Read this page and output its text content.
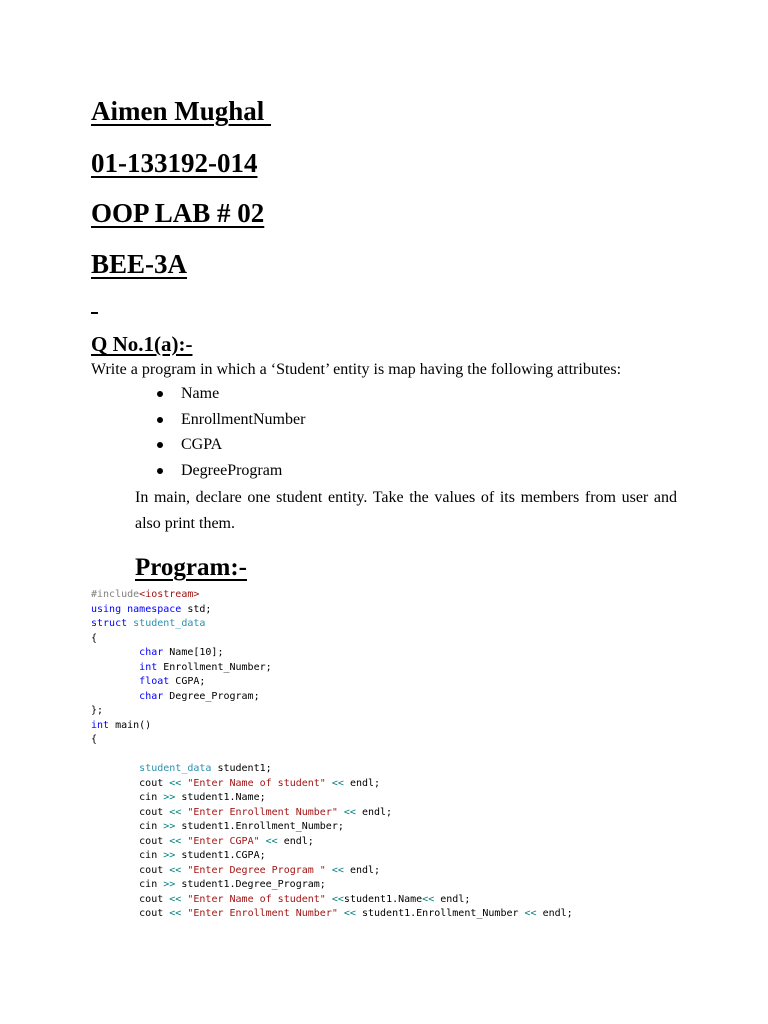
Aimen Mughal
01-133192-014
OOP LAB # 02
BEE-3A
Q No.1(a):-
Write a program in which a ‘Student’ entity is map having the following attributes:
Name
EnrollmentNumber
CGPA
DegreeProgram
In main, declare one student entity. Take the values of its members from user and also print them.
Program:-
#include<iostream>
using namespace std;
struct student_data
{
char Name[10];
int Enrollment_Number;
float CGPA;
char Degree_Program;
};
int main()
{

student_data student1;
cout << "Enter Name of student" << endl;
cin >> student1.Name;
cout << "Enter Enrollment Number" << endl;
cin >> student1.Enrollment_Number;
cout << "Enter CGPA" << endl;
cin >> student1.CGPA;
cout << "Enter Degree Program " << endl;
cin >> student1.Degree_Program;
cout << "Enter Name of student" <<student1.Name<< endl;
cout << "Enter Enrollment Number" << student1.Enrollment_Number << endl;
